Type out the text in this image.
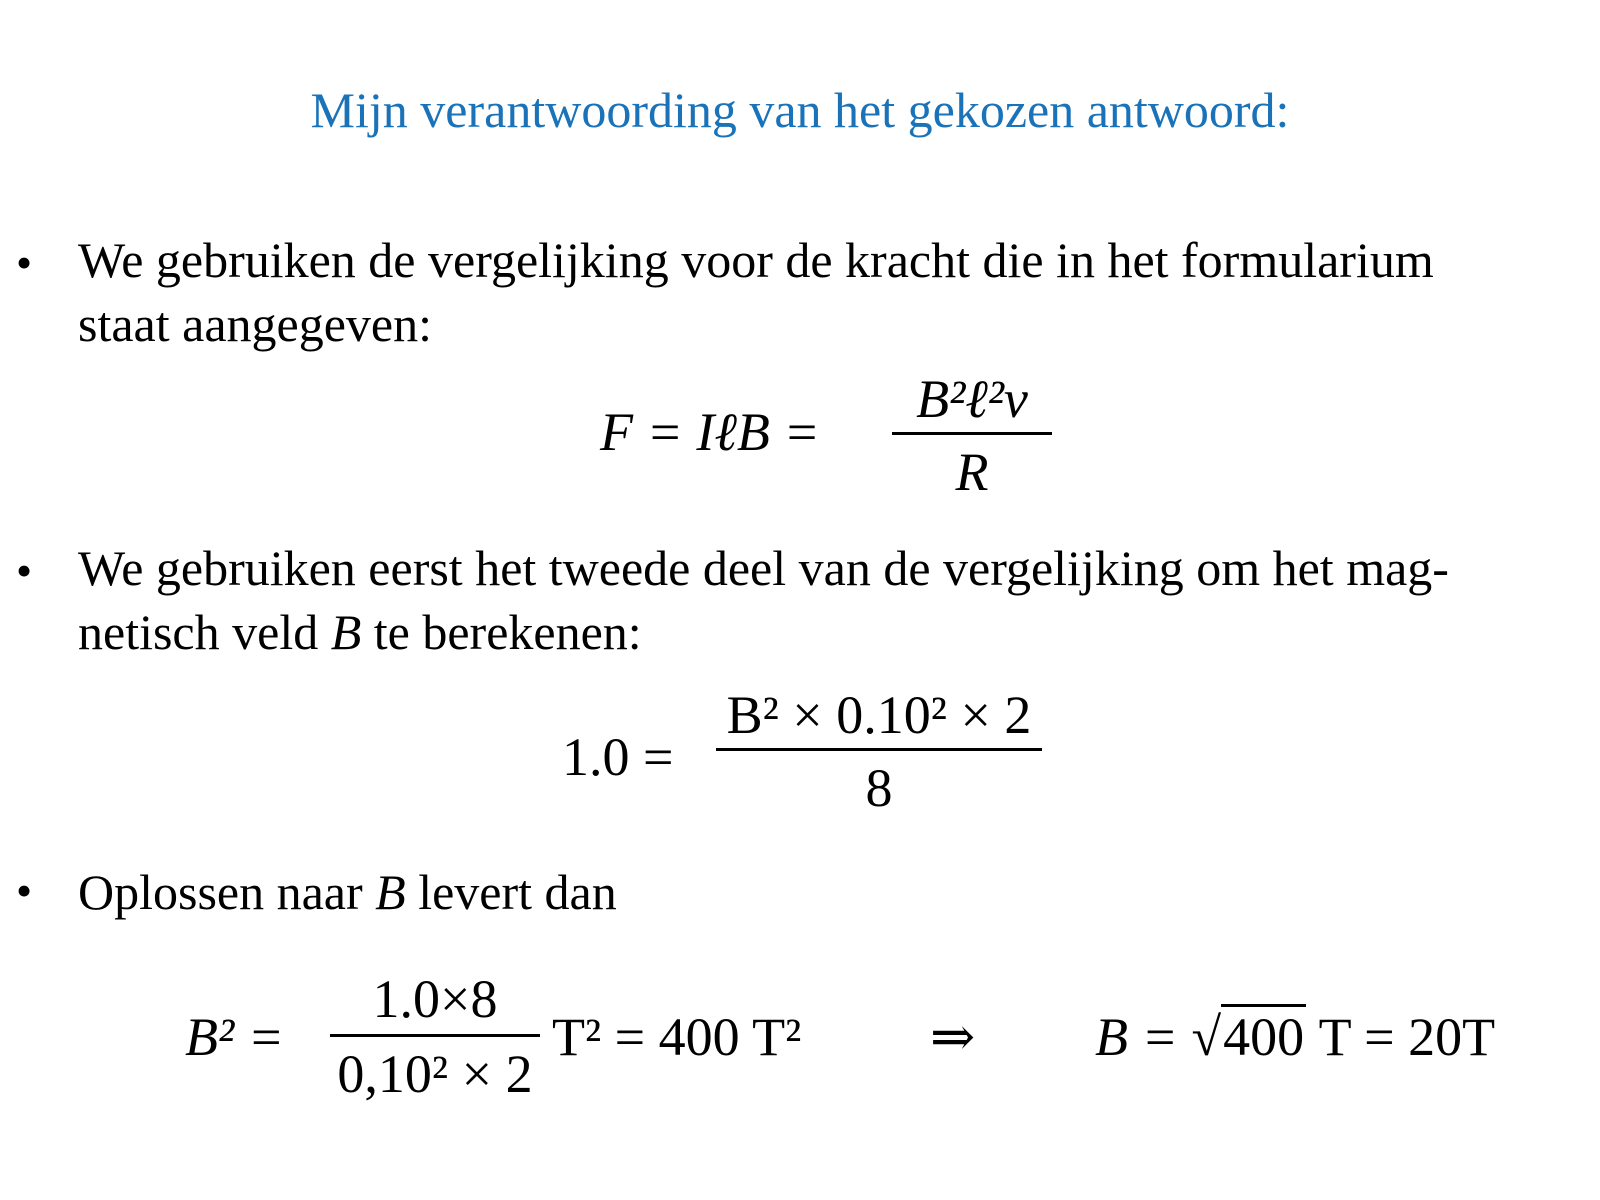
Mijn verantwoording van het gekozen antwoord:
• We gebruiken de vergelijking voor de kracht die in het formularium
staat aangegeven:
F = IℓB =
B²ℓ²v
R
• We gebruiken eerst het tweede deel van de vergelijking om het mag-
netisch veld B te berekenen:
1.0 =
B² × 0.10² × 2
8
• Oplossen naar B levert dan
B² =
1.0×8
0,10² × 2
T² = 400 T² ⇒ B = √400 T = 20T
